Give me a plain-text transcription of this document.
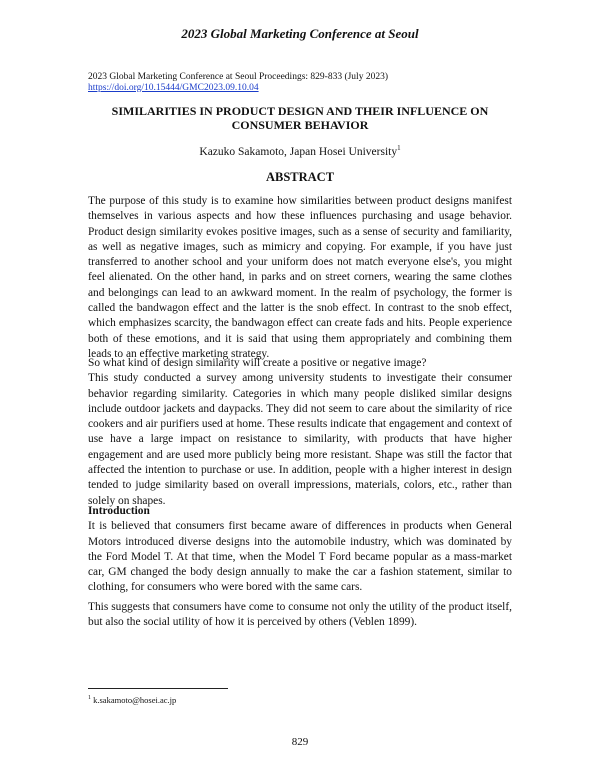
2023 Global Marketing Conference at Seoul
2023 Global Marketing Conference at Seoul Proceedings: 829-833 (July 2023)
https://doi.org/10.15444/GMC2023.09.10.04
SIMILARITIES IN PRODUCT DESIGN AND THEIR INFLUENCE ON
CONSUMER BEHAVIOR
Kazuko Sakamoto, Japan Hosei University$^1$
ABSTRACT

The purpose of this study is to examine how similarities between product designs manifest themselves in various aspects and how these influences purchasing and usage behavior. Product design similarity evokes positive images, such as a sense of security and familiarity, as well as negative images, such as mimicry and copying. For example, if you have just transferred to another school and your uniform does not match everyone else's, you might feel alienated. On the other hand, in parks and on street corners, wearing the same clothes and belongings can lead to an awkward moment. In the realm of psychology, the former is called the bandwagon effect and the latter is the snob effect. In contrast to the snob effect, which emphasizes scarcity, the bandwagon effect can create fads and hits. People experience both of these emotions, and it is said that using them appropriately and combining them leads to an effective marketing strategy.

So what kind of design similarity will create a positive or negative image?

This study conducted a survey among university students to investigate their consumer behavior regarding similarity. Categories in which many people disliked similar designs include outdoor jackets and daypacks. They did not seem to care about the similarity of rice cookers and air purifiers used at home. These results indicate that engagement and context of use have a large impact on resistance to similarity, with products that have higher engagement and are used more publicly being more resistant. Shape was still the factor that affected the intention to purchase or use. In addition, people with a higher interest in design tended to judge similarity based on overall impressions, materials, colors, etc., rather than solely on shapes.

Introduction

It is believed that consumers first became aware of differences in products when General Motors introduced diverse designs into the automobile industry, which was dominated by the Ford Model T. At that time, when the Model T Ford became popular as a mass-market car, GM changed the body design annually to make the car a fashion statement, similar to clothing, for consumers who were bored with the same cars.

This suggests that consumers have come to consume not only the utility of the product itself, but also the social utility of how it is perceived by others (Veblen 1899).

$^1$ k.sakamoto@hosei.ac.jp
829
